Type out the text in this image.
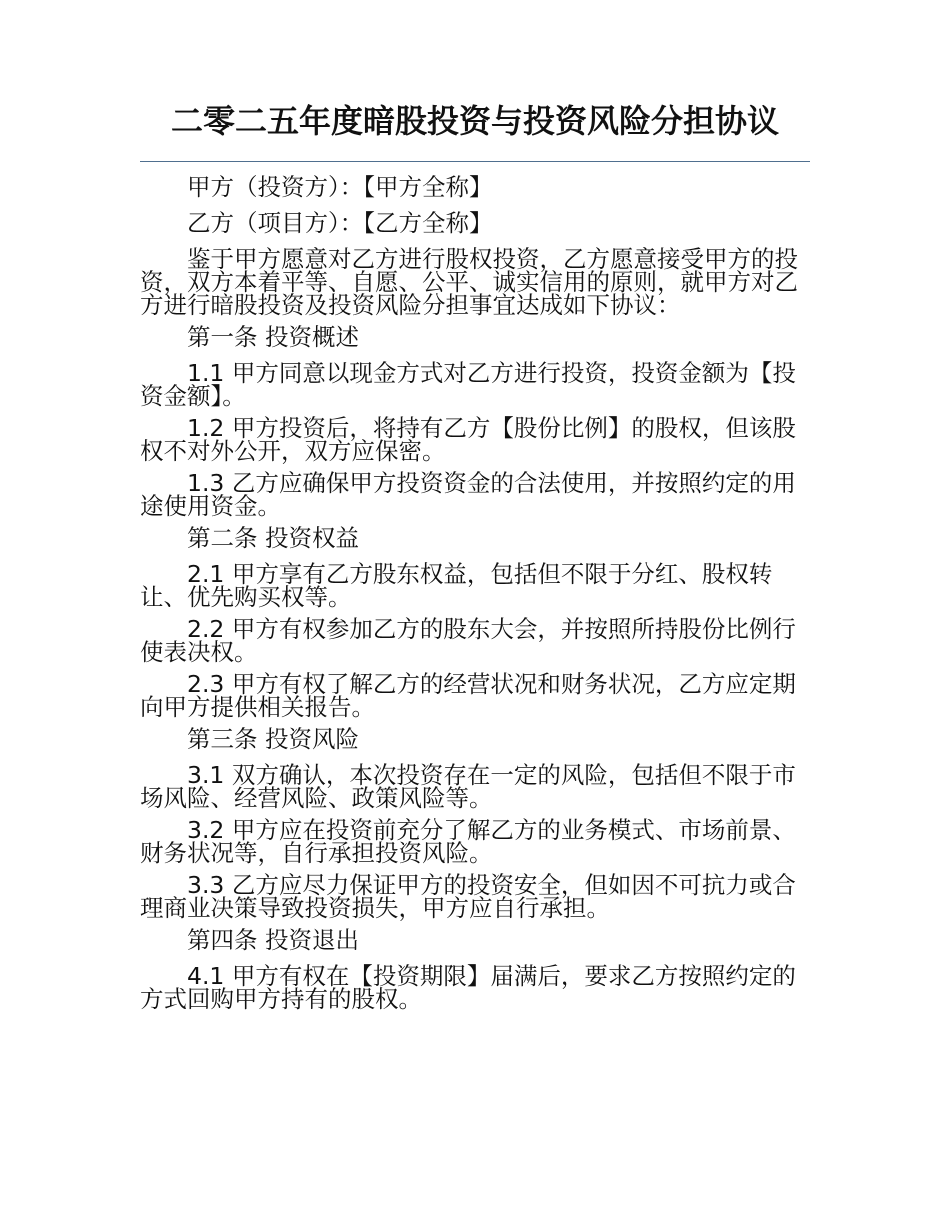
二零二五年度暗股投资与投资风险分担协议

甲方（投资方）：【甲方全称】

乙方（项目方）：【乙方全称】

鉴于甲方愿意对乙方进行股权投资，乙方愿意接受甲方的投资，双方本着平等、自愿、公平、诚实信用的原则，就甲方对乙方进行暗股投资及投资风险分担事宜达成如下协议：

第一条 投资概述

1.1 甲方同意以现金方式对乙方进行投资，投资金额为【投资金额】。

1.2 甲方投资后，将持有乙方【股份比例】的股权，但该股权不对外公开，双方应保密。

1.3 乙方应确保甲方投资资金的合法使用，并按照约定的用途使用资金。

第二条 投资权益

2.1 甲方享有乙方股东权益，包括但不限于分红、股权转让、优先购买权等。

2.2 甲方有权参加乙方的股东大会，并按照所持股份比例行使表决权。

2.3 甲方有权了解乙方的经营状况和财务状况，乙方应定期向甲方提供相关报告。

第三条 投资风险

3.1 双方确认，本次投资存在一定的风险，包括但不限于市场风险、经营风险、政策风险等。

3.2 甲方应在投资前充分了解乙方的业务模式、市场前景、财务状况等，自行承担投资风险。

3.3 乙方应尽力保证甲方的投资安全，但如因不可抗力或合理商业决策导致投资损失，甲方应自行承担。

第四条 投资退出

4.1 甲方有权在【投资期限】届满后，要求乙方按照约定的方式回购甲方持有的股权。
